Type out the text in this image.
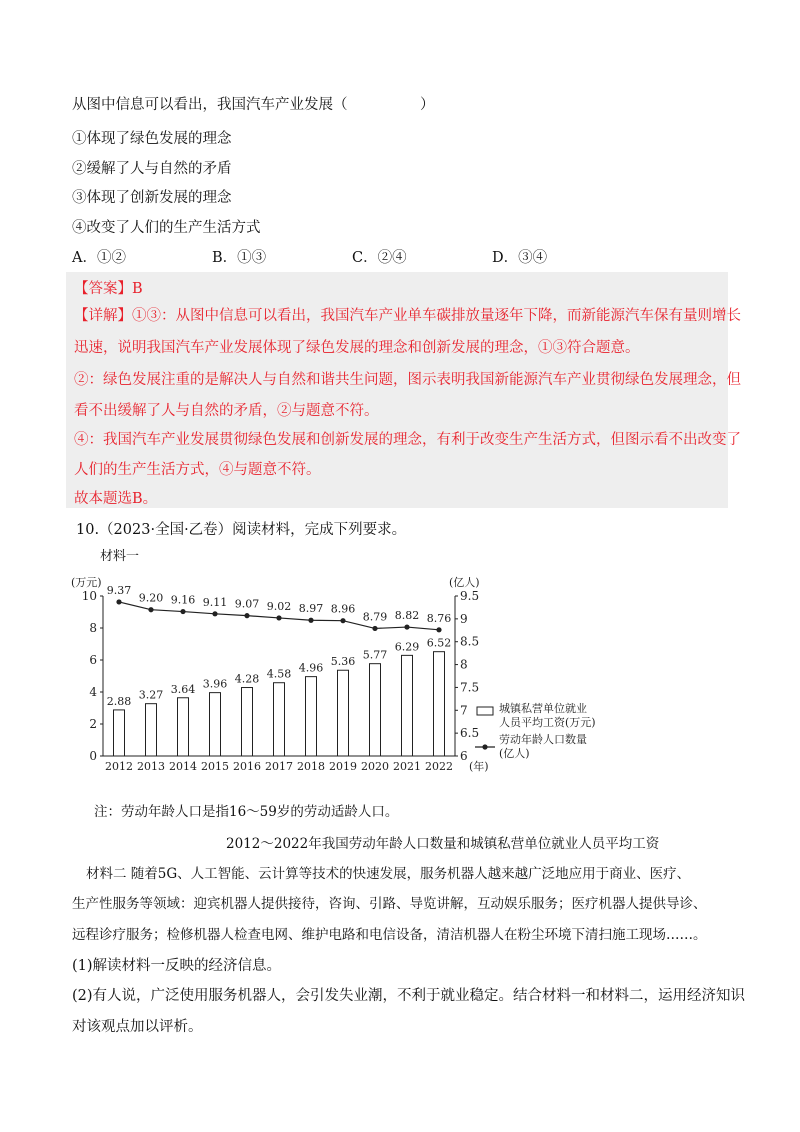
从图中信息可以看出，我国汽车产业发展（　　　　　）
①体现了绿色发展的理念
②缓解了人与自然的矛盾
③体现了创新发展的理念
④改变了人们的生产生活方式
A．①②	B．①③	C．②④	D．③④
【答案】B
【详解】①③：从图中信息可以看出，我国汽车产业单车碳排放量逐年下降，而新能源汽车保有量则增长
迅速，说明我国汽车产业发展体现了绿色发展的理念和创新发展的理念，①③符合题意。
②：绿色发展注重的是解决人与自然和谐共生问题，图示表明我国新能源汽车产业贯彻绿色发展理念，但
看不出缓解了人与自然的矛盾，②与题意不符。
④：我国汽车产业发展贯彻绿色发展和创新发展的理念，有利于改变生产生活方式，但图示看不出改变了
人们的生产生活方式，④与题意不符。
故本题选B。
10.（2023·全国·乙卷）阅读材料，完成下列要求。
材料一
0
2
4
6
8
10
6
6.5
7
7.5
8
8.5
9
9.5
(万元)	(亿人)
(年)
2.88 3.27 3.64 3.96 4.28 4.58 4.96 5.36
5.77
6.29 6.52
2012 2013 2014 2015 2016 2017 2018 2019 2020 2021 2022
9.37
9.20 9.16 9.11 9.07 9.02 8.97 8.96
8.79 8.82 8.76
城镇私营单位就业
人员平均工资(万元)
劳动年龄人口数量
(亿人)
注：劳动年龄人口是指16～59岁的劳动适龄人口。
2012～2022年我国劳动年龄人口数量和城镇私营单位就业人员平均工资
材料二 随着5G、人工智能、云计算等技术的快速发展，服务机器人越来越广泛地应用于商业、医疗、
生产性服务等领域：迎宾机器人提供接待，咨询、引路、导览讲解，互动娱乐服务；医疗机器人提供导诊、
远程诊疗服务；检修机器人检查电网、维护电路和电信设备，清洁机器人在粉尘环境下清扫施工现场……。
(1)解读材料一反映的经济信息。
(2)有人说，广泛使用服务机器人，会引发失业潮，不利于就业稳定。结合材料一和材料二，运用经济知识
对该观点加以评析。
